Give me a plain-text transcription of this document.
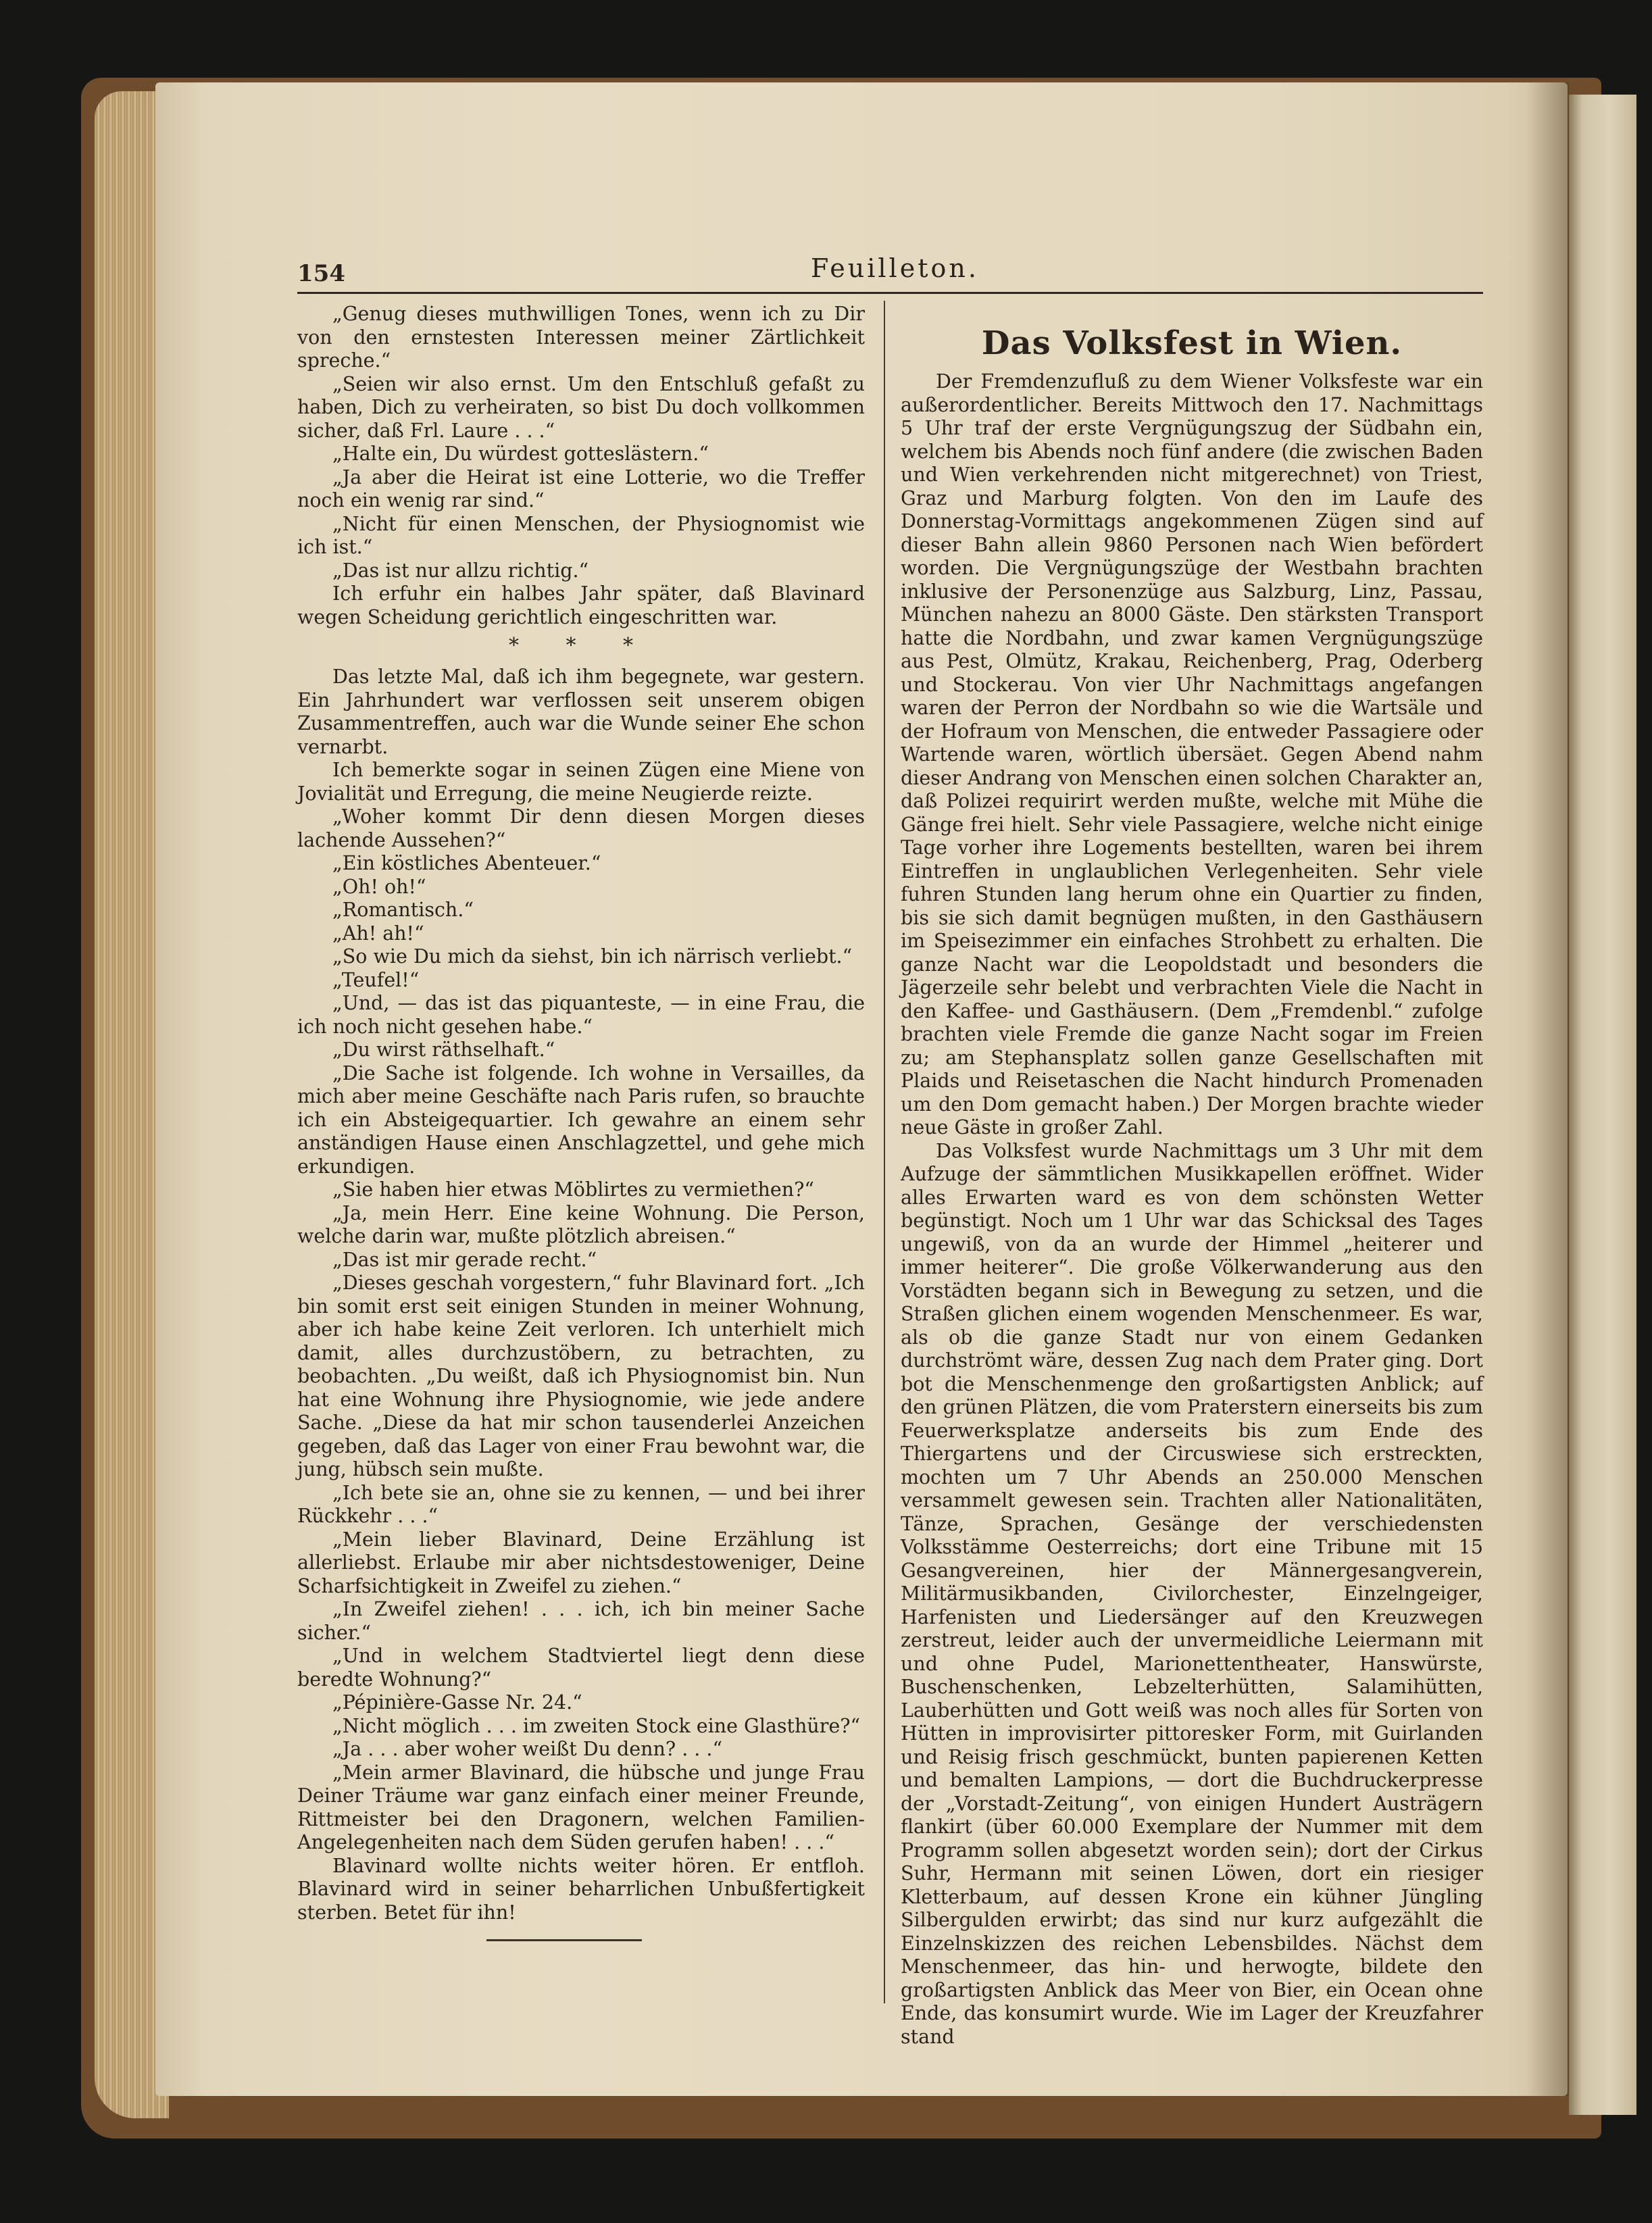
154	Feuilleton.

„Genug dieses muthwilligen Tones, wenn ich zu Dir von den ernstesten Interessen meiner Zärtlichkeit spreche.“

„Seien wir also ernst. Um den Entschluß gefaßt zu haben, Dich zu verheiraten, so bist Du doch vollkommen sicher, daß Frl. Laure . . .“

„Halte ein, Du würdest gotteslästern.“

„Ja aber die Heirat ist eine Lotterie, wo die Treffer noch ein wenig rar sind.“

„Nicht für einen Menschen, der Physiognomist wie ich ist.“

„Das ist nur allzu richtig.“

Ich erfuhr ein halbes Jahr später, daß Blavinard wegen Scheidung gerichtlich eingeschritten war.

* * *

Das letzte Mal, daß ich ihm begegnete, war gestern. Ein Jahrhundert war verflossen seit unserem obigen Zusammentreffen, auch war die Wunde seiner Ehe schon vernarbt.

Ich bemerkte sogar in seinen Zügen eine Miene von Jovialität und Erregung, die meine Neugierde reizte.

„Woher kommt Dir denn diesen Morgen dieses lachende Aussehen?“

„Ein köstliches Abenteuer.“

„Oh! oh!“

„Romantisch.“

„Ah! ah!“

„So wie Du mich da siehst, bin ich närrisch verliebt.“

„Teufel!“

„Und, — das ist das piquanteste, — in eine Frau, die ich noch nicht gesehen habe.“

„Du wirst räthselhaft.“

„Die Sache ist folgende. Ich wohne in Versailles, da mich aber meine Geschäfte nach Paris rufen, so brauchte ich ein Absteigequartier. Ich gewahre an einem sehr anständigen Hause einen Anschlagzettel, und gehe mich erkundigen.

„Sie haben hier etwas Möblirtes zu vermiethen?“

„Ja, mein Herr. Eine keine Wohnung. Die Person, welche darin war, mußte plötzlich abreisen.“

„Das ist mir gerade recht.“

„Dieses geschah vorgestern,“ fuhr Blavinard fort. „Ich bin somit erst seit einigen Stunden in meiner Wohnung, aber ich habe keine Zeit verloren. Ich unterhielt mich damit, alles durchzustöbern, zu betrachten, zu beobachten. „Du weißt, daß ich Physiognomist bin. Nun hat eine Wohnung ihre Physiognomie, wie jede andere Sache. „Diese da hat mir schon tausenderlei Anzeichen gegeben, daß das Lager von einer Frau bewohnt war, die jung, hübsch sein mußte.

„Ich bete sie an, ohne sie zu kennen, — und bei ihrer Rückkehr . . .“

„Mein lieber Blavinard, Deine Erzählung ist allerliebst. Erlaube mir aber nichtsdestoweniger, Deine Scharfsichtigkeit in Zweifel zu ziehen.“

„In Zweifel ziehen! . . . ich, ich bin meiner Sache sicher.“

„Und in welchem Stadtviertel liegt denn diese beredte Wohnung?“

„Pépinière-Gasse Nr. 24.“

„Nicht möglich . . . im zweiten Stock eine Glasthüre?“

„Ja . . . aber woher weißt Du denn? . . .“

„Mein armer Blavinard, die hübsche und junge Frau Deiner Träume war ganz einfach einer meiner Freunde, Rittmeister bei den Dragonern, welchen Familien-Angelegenheiten nach dem Süden gerufen haben! . . .“

Blavinard wollte nichts weiter hören. Er entfloh. Blavinard wird in seiner beharrlichen Unbußfertigkeit sterben. Betet für ihn!

Das Volksfest in Wien.

Der Fremdenzufluß zu dem Wiener Volksfeste war ein außerordentlicher. Bereits Mittwoch den 17. Nachmittags 5 Uhr traf der erste Vergnügungszug der Südbahn ein, welchem bis Abends noch fünf andere (die zwischen Baden und Wien verkehrenden nicht mitgerechnet) von Triest, Graz und Marburg folgten. Von den im Laufe des Donnerstag-Vormittags angekommenen Zügen sind auf dieser Bahn allein 9860 Personen nach Wien befördert worden. Die Vergnügungszüge der Westbahn brachten inklusive der Personenzüge aus Salzburg, Linz, Passau, München nahezu an 8000 Gäste. Den stärksten Transport hatte die Nordbahn, und zwar kamen Vergnügungszüge aus Pest, Olmütz, Krakau, Reichenberg, Prag, Oderberg und Stockerau. Von vier Uhr Nachmittags angefangen waren der Perron der Nordbahn so wie die Wartsäle und der Hofraum von Menschen, die entweder Passagiere oder Wartende waren, wörtlich übersäet. Gegen Abend nahm dieser Andrang von Menschen einen solchen Charakter an, daß Polizei requirirt werden mußte, welche mit Mühe die Gänge frei hielt. Sehr viele Passagiere, welche nicht einige Tage vorher ihre Logements bestellten, waren bei ihrem Eintreffen in unglaublichen Verlegenheiten. Sehr viele fuhren Stunden lang herum ohne ein Quartier zu finden, bis sie sich damit begnügen mußten, in den Gasthäusern im Speisezimmer ein einfaches Strohbett zu erhalten. Die ganze Nacht war die Leopoldstadt und besonders die Jägerzeile sehr belebt und verbrachten Viele die Nacht in den Kaffee- und Gasthäusern. (Dem „Fremdenbl.“ zufolge brachten viele Fremde die ganze Nacht sogar im Freien zu; am Stephansplatz sollen ganze Gesellschaften mit Plaids und Reisetaschen die Nacht hindurch Promenaden um den Dom gemacht haben.) Der Morgen brachte wieder neue Gäste in großer Zahl.

Das Volksfest wurde Nachmittags um 3 Uhr mit dem Aufzuge der sämmtlichen Musikkapellen eröffnet. Wider alles Erwarten ward es von dem schönsten Wetter begünstigt. Noch um 1 Uhr war das Schicksal des Tages ungewiß, von da an wurde der Himmel „heiterer und immer heiterer“. Die große Völkerwanderung aus den Vorstädten begann sich in Bewegung zu setzen, und die Straßen glichen einem wogenden Menschenmeer. Es war, als ob die ganze Stadt nur von einem Gedanken durchströmt wäre, dessen Zug nach dem Prater ging. Dort bot die Menschenmenge den großartigsten Anblick; auf den grünen Plätzen, die vom Praterstern einerseits bis zum Feuerwerksplatze anderseits bis zum Ende des Thiergartens und der Circuswiese sich erstreckten, mochten um 7 Uhr Abends an 250.000 Menschen versammelt gewesen sein. Trachten aller Nationalitäten, Tänze, Sprachen, Gesänge der verschiedensten Volksstämme Oesterreichs; dort eine Tribune mit 15 Gesangvereinen, hier der Männergesangverein, Militärmusikbanden, Civilorchester, Einzelngeiger, Harfenisten und Liedersänger auf den Kreuzwegen zerstreut, leider auch der unvermeidliche Leiermann mit und ohne Pudel, Marionettentheater, Hanswürste, Buschenschenken, Lebzelterhütten, Salamihütten, Lauberhütten und Gott weiß was noch alles für Sorten von Hütten in improvisirter pittoresker Form, mit Guirlanden und Reisig frisch geschmückt, bunten papierenen Ketten und bemalten Lampions, — dort die Buchdruckerpresse der „Vorstadt-Zeitung“, von einigen Hundert Austrägern flankirt (über 60.000 Exemplare der Nummer mit dem Programm sollen abgesetzt worden sein); dort der Cirkus Suhr, Hermann mit seinen Löwen, dort ein riesiger Kletterbaum, auf dessen Krone ein kühner Jüngling Silbergulden erwirbt; das sind nur kurz aufgezählt die Einzelnskizzen des reichen Lebensbildes. Nächst dem Menschenmeer, das hin- und herwogte, bildete den großartigsten Anblick das Meer von Bier, ein Ocean ohne Ende, das konsumirt wurde. Wie im Lager der Kreuzfahrer stand
